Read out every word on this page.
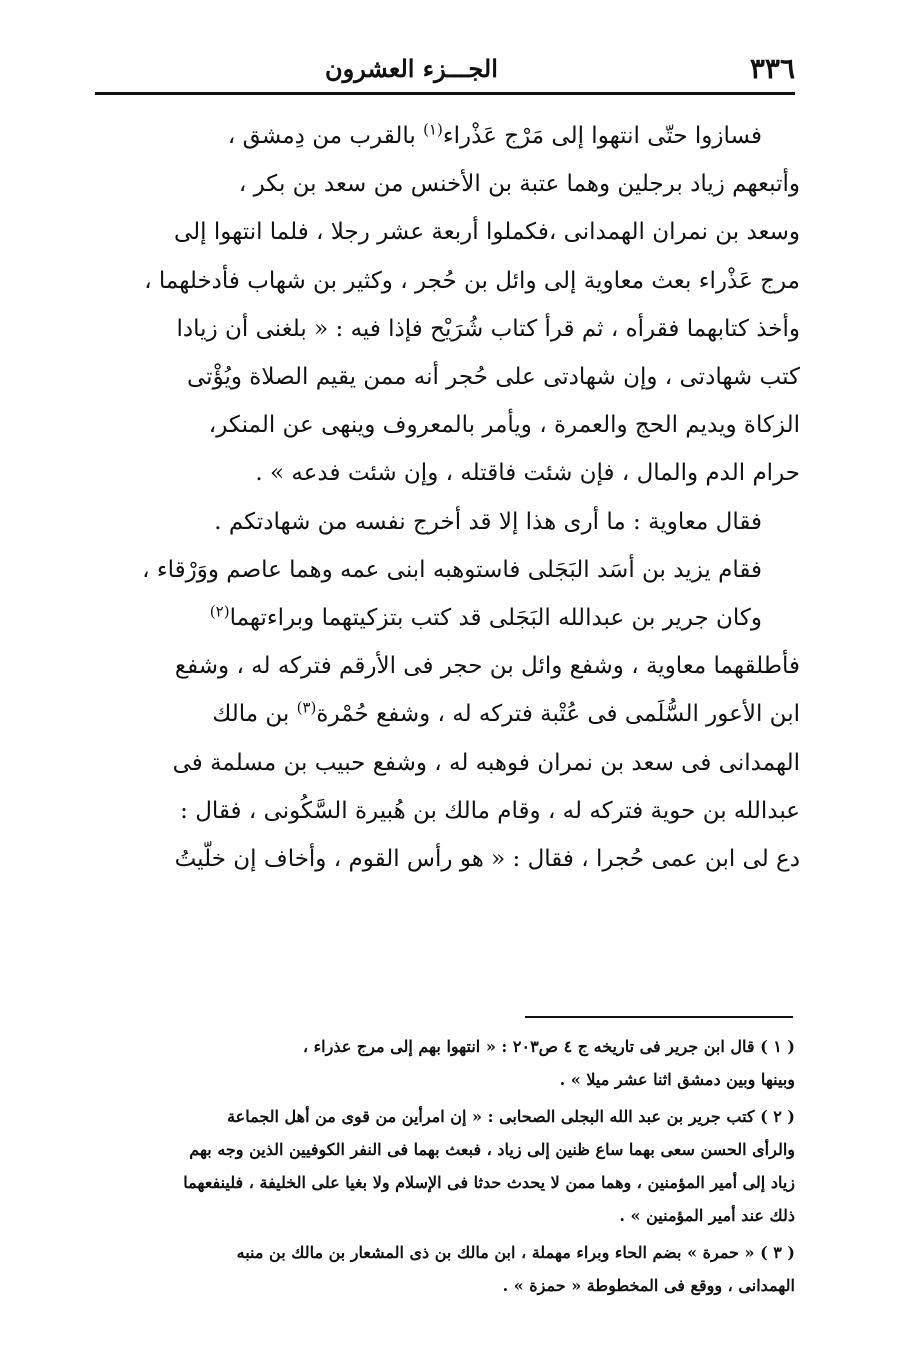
٣٣٦
الجـــزء العشرون
فسازوا حتّى انتهوا إلى مَرْج عَذْراء$^{(١)}$ بالقرب من دِمشق ،
وأتبعهم زياد برجلين وهما عتبة بن الأخنس من سعد بن بكر ،
وسعد بن نمران الهمدانى ،فكملوا أربعة عشر رجلا ، فلما انتهوا إلى
مرج عَذْراء بعث معاوية إلى وائل بن حُجر ، وكثير بن شهاب فأدخلهما ،
وأخذ كتابهما فقرأه ، ثم قرأ كتاب شُرَيْح فإذا فيه : « بلغنى أن زيادا
كتب شهادتى ، وإن شهادتى على حُجر أنه ممن يقيم الصلاة ويُؤْتى
الزكاة ويديم الحج والعمرة ، ويأمر بالمعروف وينهى عن المنكر،
حرام الدم والمال ، فإن شئت فاقتله ، وإن شئت فدعه » .
فقال معاوية : ما أرى هذا إلا قد أخرج نفسه من شهادتكم .
فقام يزيد بن أسَد البَجَلى فاستوهبه ابنى عمه وهما عاصم ووَرْقاء ،
وكان جرير بن عبدالله البَجَلى قد كتب بتزكيتهما وبراءتهما$^{(٢)}$
فأطلقهما معاوية ، وشفع وائل بن حجر فى الأرقم فتركه له ، وشفع
ابن الأعور السُّلَمى فى عُتْبة فتركه له ، وشفع حُمْرة$^{(٣)}$ بن مالك
الهمدانى فى سعد بن نمران فوهبه له ، وشفع حبيب بن مسلمة فى
عبدالله بن حوية فتركه له ، وقام مالك بن هُبيرة السَّكُونى ، فقال :
دع لى ابن عمى حُجرا ، فقال : « هو رأس القوم ، وأخاف إن خلّيتُ
( ١ ) قال ابن جرير فى تاريخه ج ٤ ص٢٠٣ : « انتهوا بهم إلى مرج عذراء ،
وبينها وبين دمشق اثنا عشر ميلا » .
( ٢ ) كتب جرير بن عبد الله البجلى الصحابى : « إن امرأين من قوى من أهل الجماعة
والرأى الحسن سعى بهما ساع ظنين إلى زياد ، فبعث بهما فى النفر الكوفيين الذين وجه بهم
زياد إلى أمير المؤمنين ، وهما ممن لا يحدث حدثا فى الإسلام ولا بغيا على الخليفة ، فلينفعهما
ذلك عند أمير المؤمنين » .
( ٣ ) « حمرة » بضم الحاء وبراء مهملة ، ابن مالك بن ذى المشعار بن مالك بن منبه
الهمدانى ، ووقع فى المخطوطة « حمزة » .
